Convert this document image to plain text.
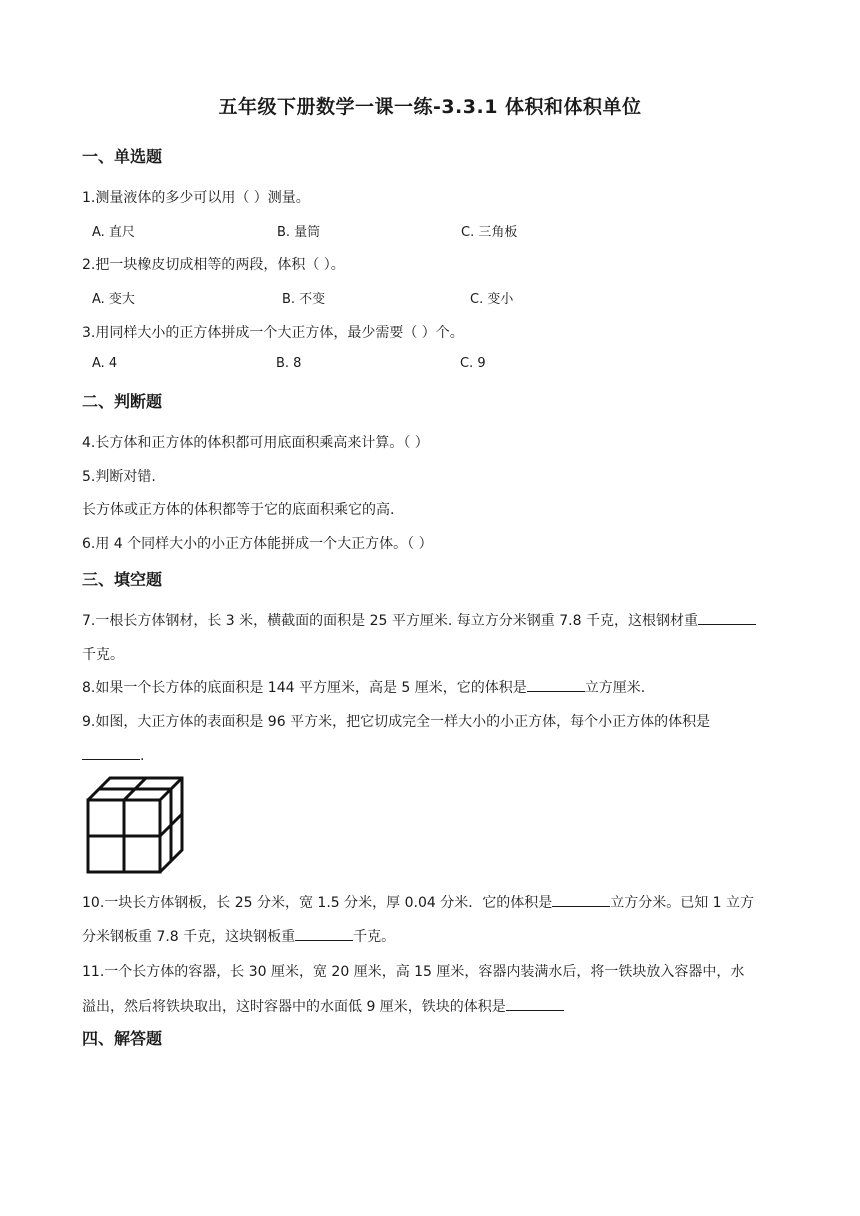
五年级下册数学一课一练-3.3.1 体积和体积单位
一、单选题
1.测量液体的多少可以用（ ）测量。
A. 直尺	B. 量筒	C. 三角板
2.把一块橡皮切成相等的两段，体积（ ）。
A. 变大	B. 不变	C. 变小
3.用同样大小的正方体拼成一个大正方体，最少需要（ ）个。
A. 4	B. 8	C. 9
二、判断题
4.长方体和正方体的体积都可用底面积乘高来计算。（ ）
5.判断对错.
长方体或正方体的体积都等于它的底面积乘它的高.
6.用 4 个同样大小的小正方体能拼成一个大正方体。（ ）
三、填空题
7.一根长方体钢材，长 3 米，横截面的面积是 25 平方厘米. 每立方分米钢重 7.8 千克，这根钢材重
千克。
8.如果一个长方体的底面积是 144 平方厘米，高是 5 厘米，它的体积是	立方厘米.
9.如图，大正方体的表面积是 96 平方米，把它切成完全一样大小的小正方体，每个小正方体的体积是
.
10.一块长方体钢板，长 25 分米，宽 1.5 分米，厚 0.04 分米．它的体积是	立方分米。已知 1 立方
分米钢板重 7.8 千克，这块钢板重	千克。
11.一个长方体的容器，长 30 厘米，宽 20 厘米，高 15 厘米，容器内装满水后，将一铁块放入容器中，水
溢出，然后将铁块取出，这时容器中的水面低 9 厘米，铁块的体积是
四、解答题
